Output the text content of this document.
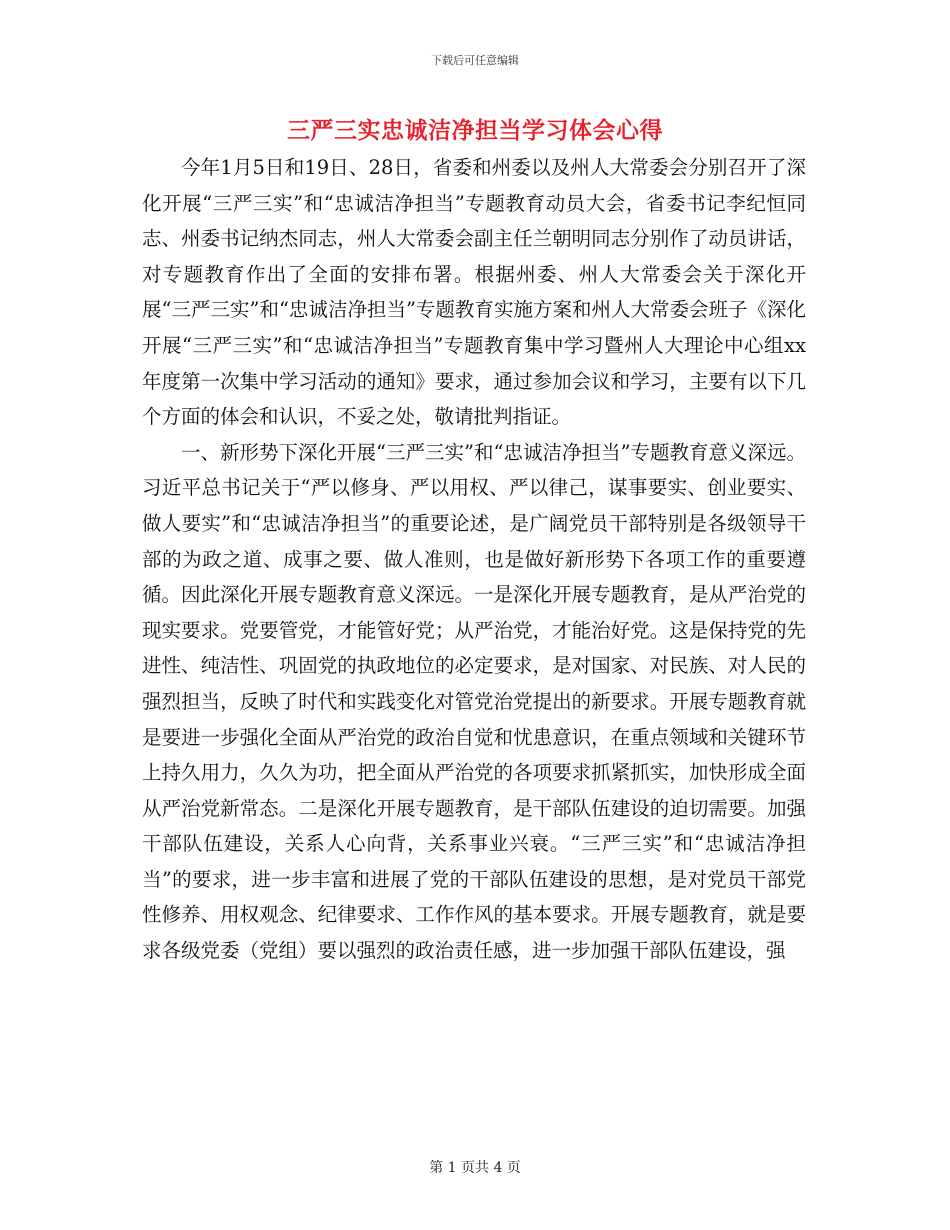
下载后可任意编辑
三严三实忠诚洁净担当学习体会心得

今年1月5日和19日、28日，省委和州委以及州人大常委会分别召开了深化开展“三严三实”和“忠诚洁净担当”专题教育动员大会，省委书记李纪恒同志、州委书记纳杰同志，州人大常委会副主任兰朝明同志分别作了动员讲话，对专题教育作出了全面的安排布署。根据州委、州人大常委会关于深化开展“三严三实”和“忠诚洁净担当”专题教育实施方案和州人大常委会班子《深化开展“三严三实”和“忠诚洁净担当”专题教育集中学习暨州人大理论中心组xx年度第一次集中学习活动的通知》要求，通过参加会议和学习，主要有以下几个方面的体会和认识，不妥之处，敬请批判指证。

一、新形势下深化开展“三严三实”和“忠诚洁净担当”专题教育意义深远。习近平总书记关于“严以修身、严以用权、严以律己，谋事要实、创业要实、做人要实”和“忠诚洁净担当”的重要论述，是广阔党员干部特别是各级领导干部的为政之道、成事之要、做人准则，也是做好新形势下各项工作的重要遵循。因此深化开展专题教育意义深远。一是深化开展专题教育，是从严治党的现实要求。党要管党，才能管好党；从严治党，才能治好党。这是保持党的先进性、纯洁性、巩固党的执政地位的必定要求，是对国家、对民族、对人民的强烈担当，反映了时代和实践变化对管党治党提出的新要求。开展专题教育就是要进一步强化全面从严治党的政治自觉和忧患意识，在重点领域和关键环节上持久用力，久久为功，把全面从严治党的各项要求抓紧抓实，加快形成全面从严治党新常态。二是深化开展专题教育，是干部队伍建设的迫切需要。加强干部队伍建设，关系人心向背，关系事业兴衰。“三严三实”和“忠诚洁净担当”的要求，进一步丰富和进展了党的干部队伍建设的思想，是对党员干部党性修养、用权观念、纪律要求、工作作风的基本要求。开展专题教育，就是要求各级党委（党组）要以强烈的政治责任感，进一步加强干部队伍建设，强

第 1 页共 4 页
